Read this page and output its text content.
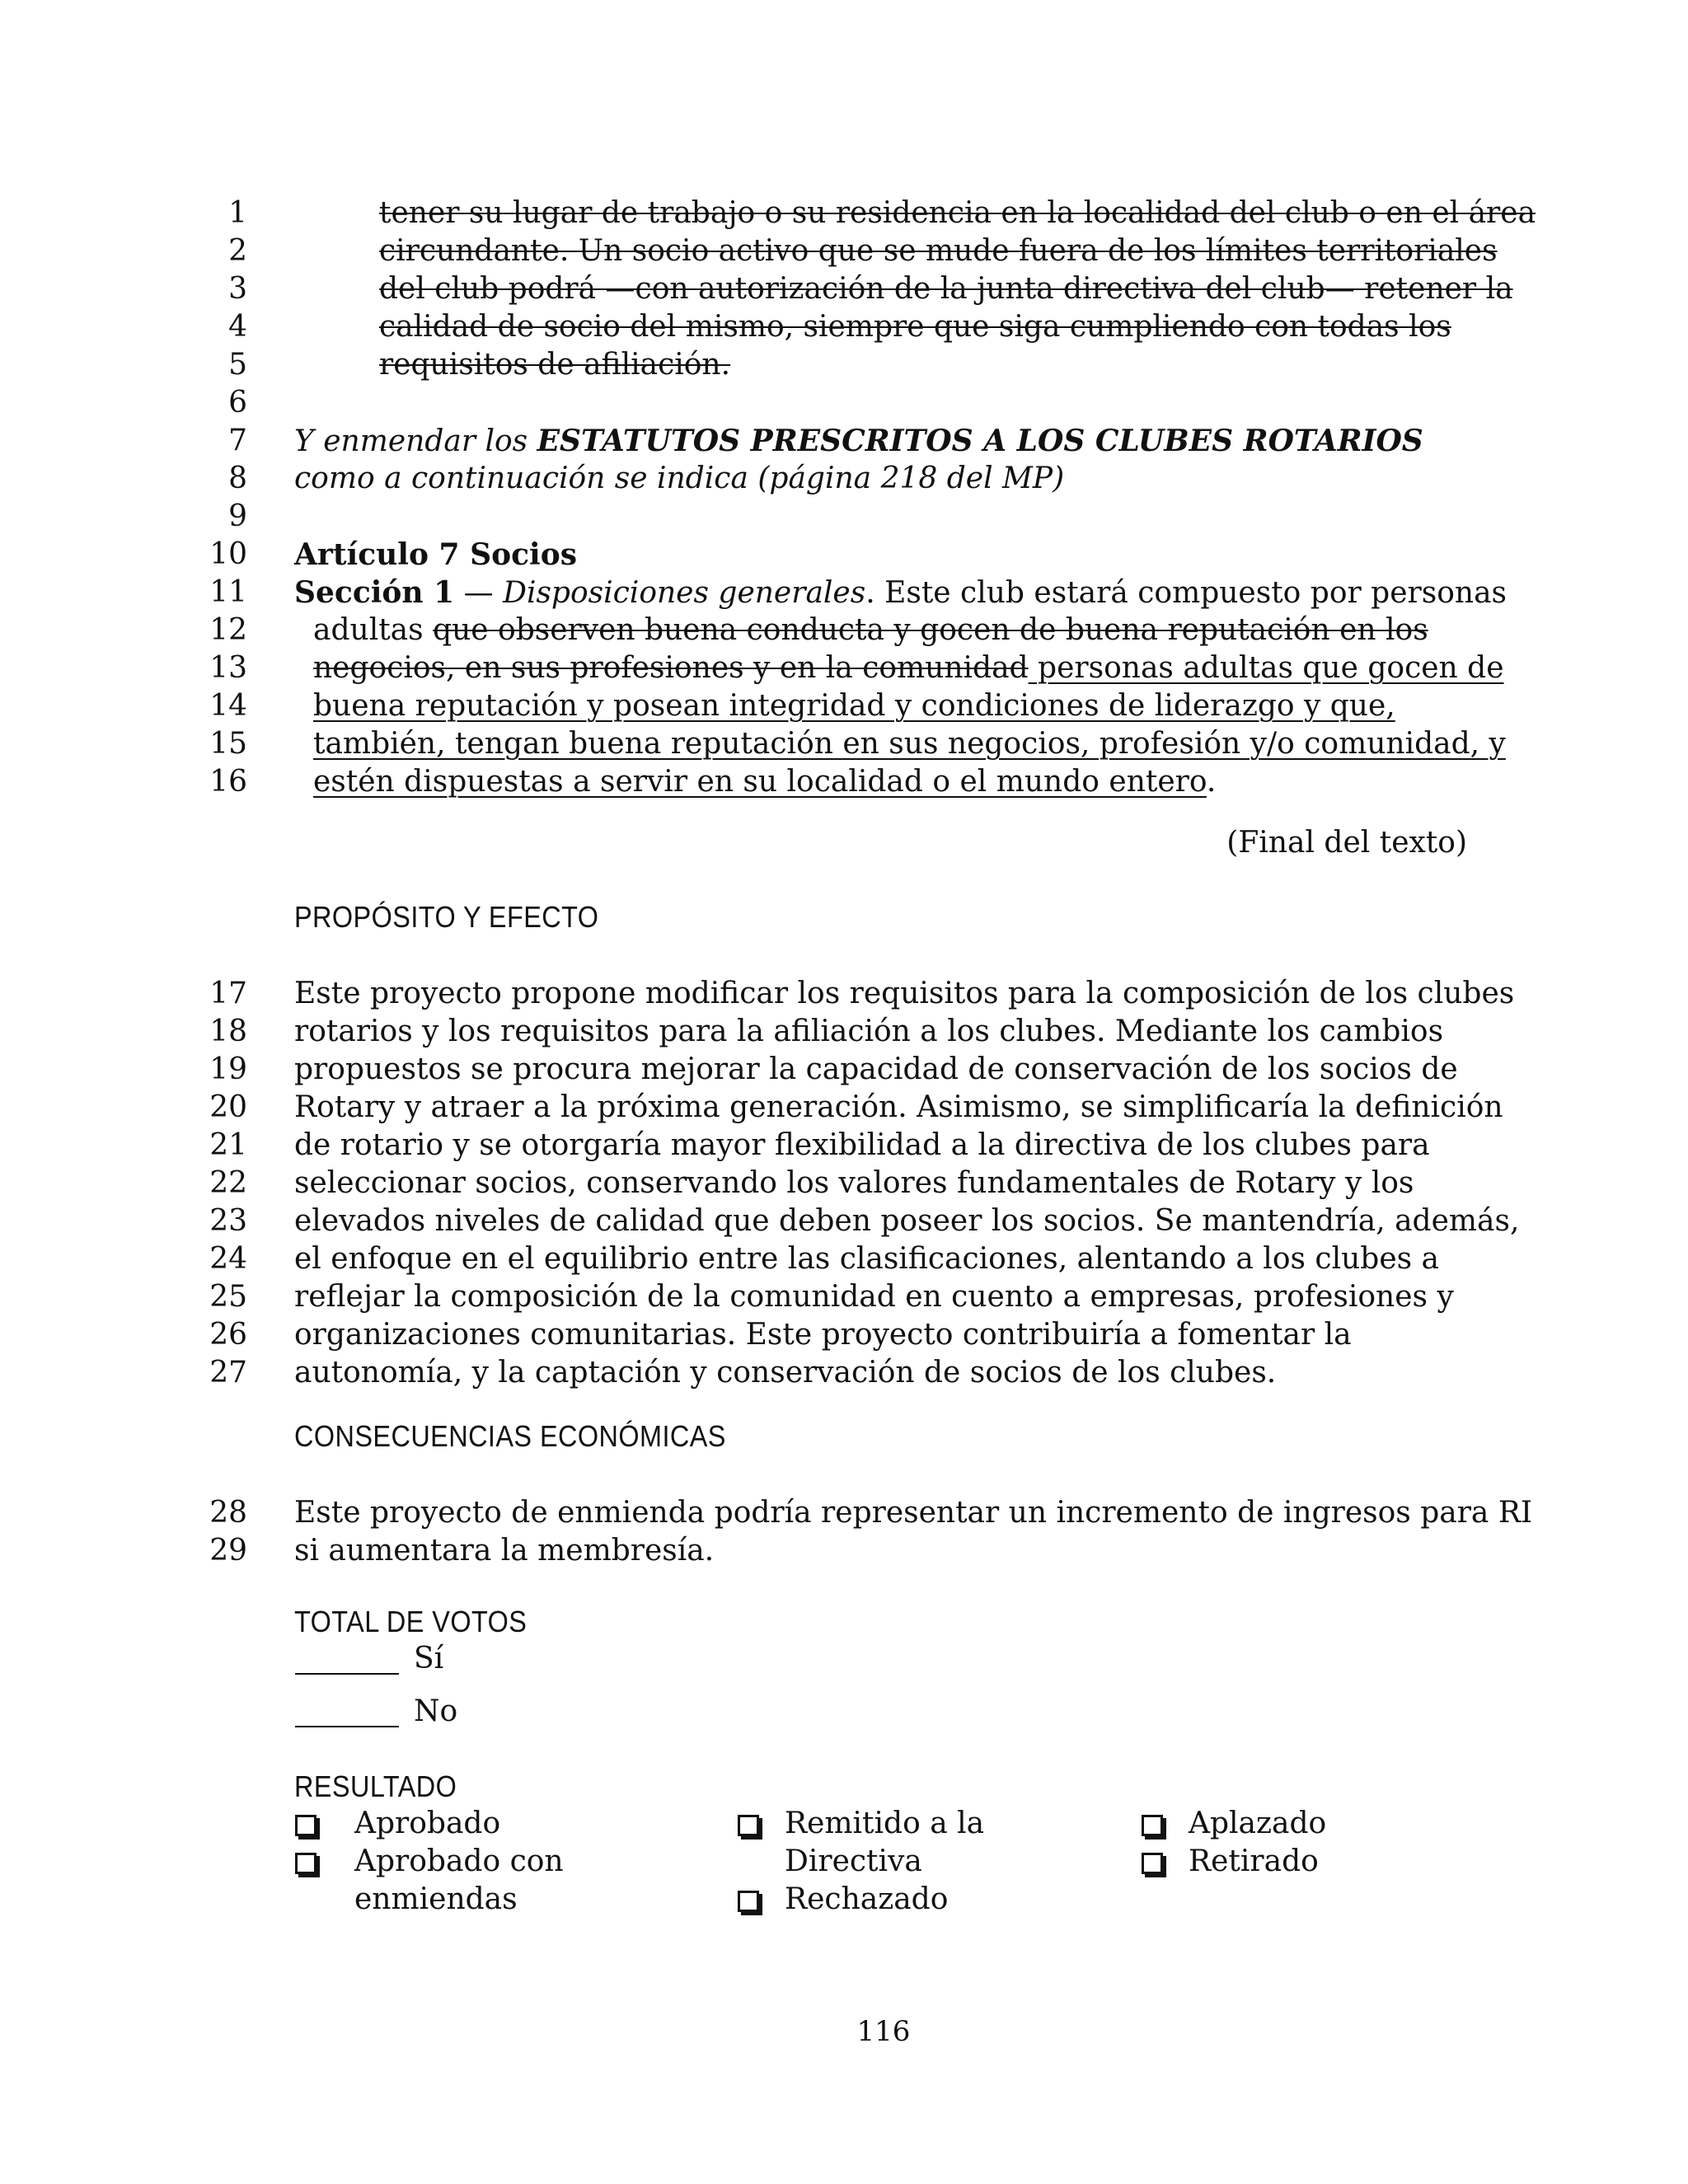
1	tener su lugar de trabajo o su residencia en la localidad del club o en el área
2	circundante. Un socio activo que se mude fuera de los límites territoriales
3	del club podrá —con autorización de la junta directiva del club— retener la
4	calidad de socio del mismo, siempre que siga cumpliendo con todas los
5	requisitos de afiliación.
6
7 Y enmendar los ESTATUTOS PRESCRITOS A LOS CLUBES ROTARIOS
8 como a continuación se indica (página 218 del MP)
9
10 Artículo 7 Socios
11 Sección 1 — Disposiciones generales. Este club estará compuesto por personas
12 adultas que observen buena conducta y gocen de buena reputación en los
13 negocios, en sus profesiones y en la comunidad personas adultas que gocen de
14 buena reputación y posean integridad y condiciones de liderazgo y que,
15 también, tengan buena reputación en sus negocios, profesión y/o comunidad, y
16 estén dispuestas a servir en su localidad o el mundo entero.
(Final del texto)
PROPÓSITO Y EFECTO
17 Este proyecto propone modificar los requisitos para la composición de los clubes
18 rotarios y los requisitos para la afiliación a los clubes. Mediante los cambios
19 propuestos se procura mejorar la capacidad de conservación de los socios de
20 Rotary y atraer a la próxima generación. Asimismo, se simplificaría la definición
21 de rotario y se otorgaría mayor flexibilidad a la directiva de los clubes para
22 seleccionar socios, conservando los valores fundamentales de Rotary y los
23 elevados niveles de calidad que deben poseer los socios. Se mantendría, además,
24 el enfoque en el equilibrio entre las clasificaciones, alentando a los clubes a
25 reflejar la composición de la comunidad en cuento a empresas, profesiones y
26 organizaciones comunitarias. Este proyecto contribuiría a fomentar la
27 autonomía, y la captación y conservación de socios de los clubes.
CONSECUENCIAS ECONÓMICAS
28 Este proyecto de enmienda podría representar un incremento de ingresos para RI
29 si aumentara la membresía.
TOTAL DE VOTOS
Sí
No
RESULTADO
Aprobado
Aprobado con
enmiendas
Remitido a la
Directiva
Rechazado
Aplazado
Retirado
116
